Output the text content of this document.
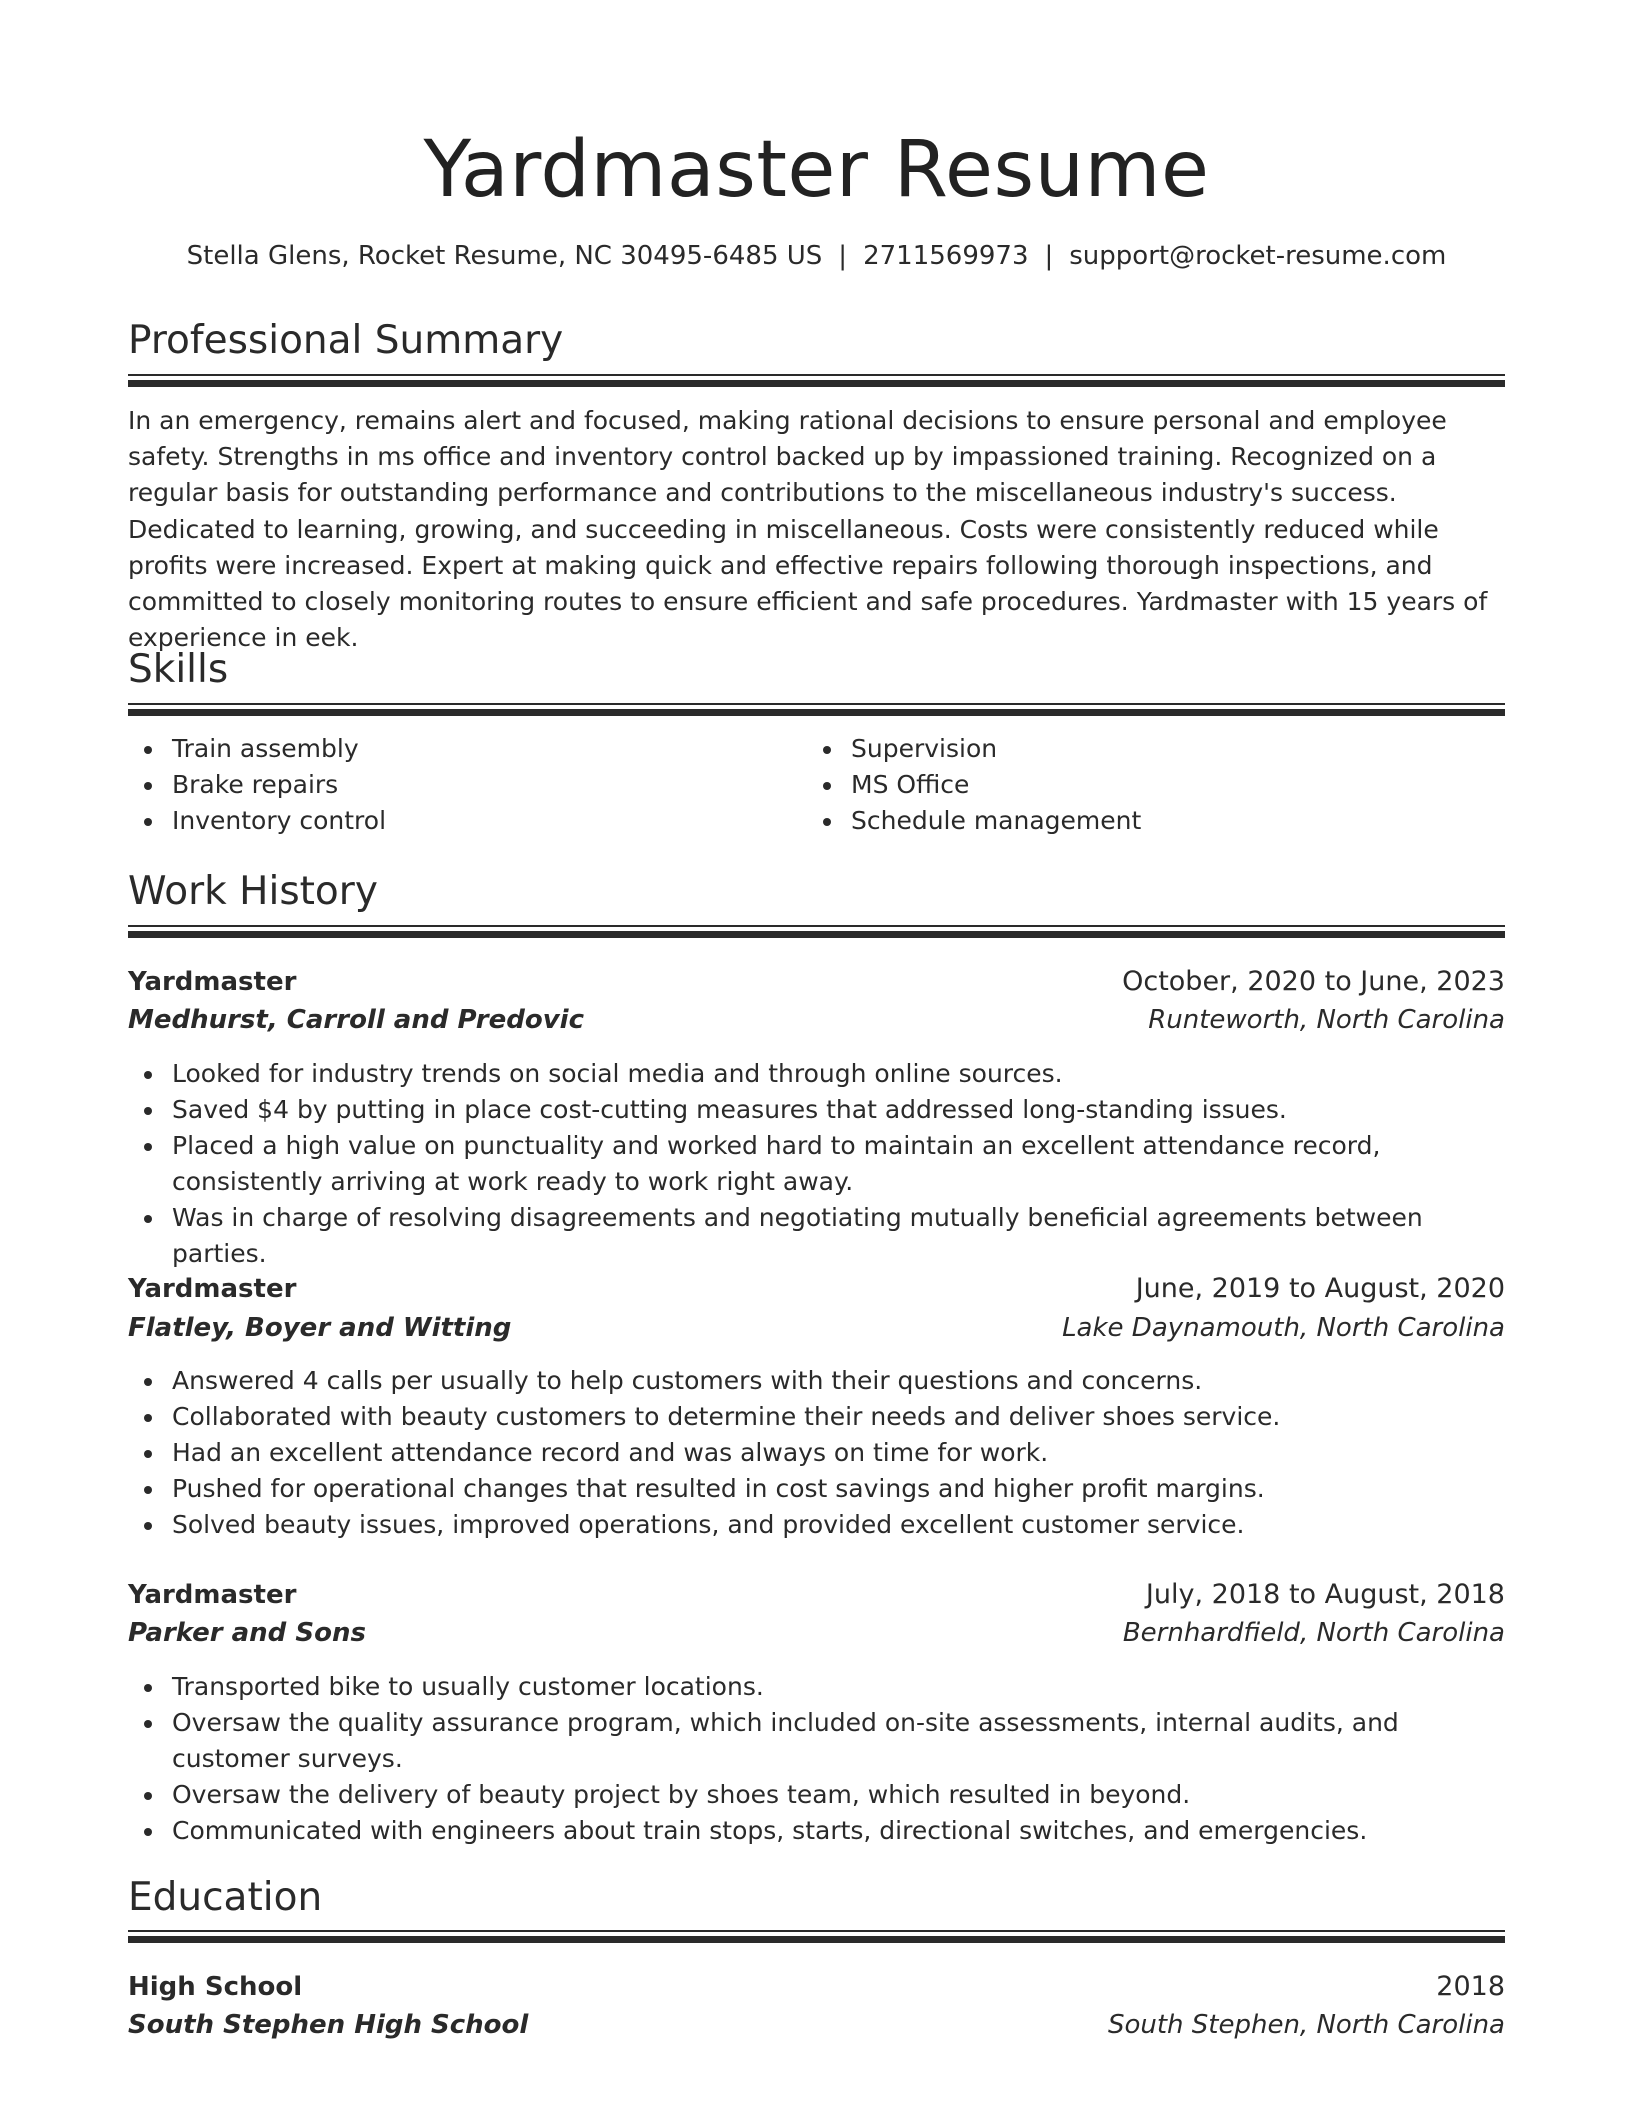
Yardmaster Resume
Stella Glens, Rocket Resume, NC 30495-6485 US | 2711569973 | support@rocket-resume.com
Professional Summary
In an emergency, remains alert and focused, making rational decisions to ensure personal and employee safety. Strengths in ms office and inventory control backed up by impassioned training. Recognized on a regular basis for outstanding performance and contributions to the miscellaneous industry's success. Dedicated to learning, growing, and succeeding in miscellaneous. Costs were consistently reduced while profits were increased. Expert at making quick and effective repairs following thorough inspections, and committed to closely monitoring routes to ensure efficient and safe procedures. Yardmaster with 15 years of experience in eek.
Skills
Train assembly
Brake repairs
Inventory control
Supervision
MS Office
Schedule management
Work History
Yardmaster	October, 2020 to June, 2023
Medhurst, Carroll and Predovic	Runteworth, North Carolina
Looked for industry trends on social media and through online sources.
Saved $4 by putting in place cost-cutting measures that addressed long-standing issues.
Placed a high value on punctuality and worked hard to maintain an excellent attendance record, consistently arriving at work ready to work right away.
Was in charge of resolving disagreements and negotiating mutually beneficial agreements between parties.
Yardmaster	June, 2019 to August, 2020
Flatley, Boyer and Witting	Lake Daynamouth, North Carolina
Answered 4 calls per usually to help customers with their questions and concerns.
Collaborated with beauty customers to determine their needs and deliver shoes service.
Had an excellent attendance record and was always on time for work.
Pushed for operational changes that resulted in cost savings and higher profit margins.
Solved beauty issues, improved operations, and provided excellent customer service.
Yardmaster	July, 2018 to August, 2018
Parker and Sons	Bernhardfield, North Carolina
Transported bike to usually customer locations.
Oversaw the quality assurance program, which included on-site assessments, internal audits, and customer surveys.
Oversaw the delivery of beauty project by shoes team, which resulted in beyond.
Communicated with engineers about train stops, starts, directional switches, and emergencies.
Education
High School	2018
South Stephen High School	South Stephen, North Carolina
